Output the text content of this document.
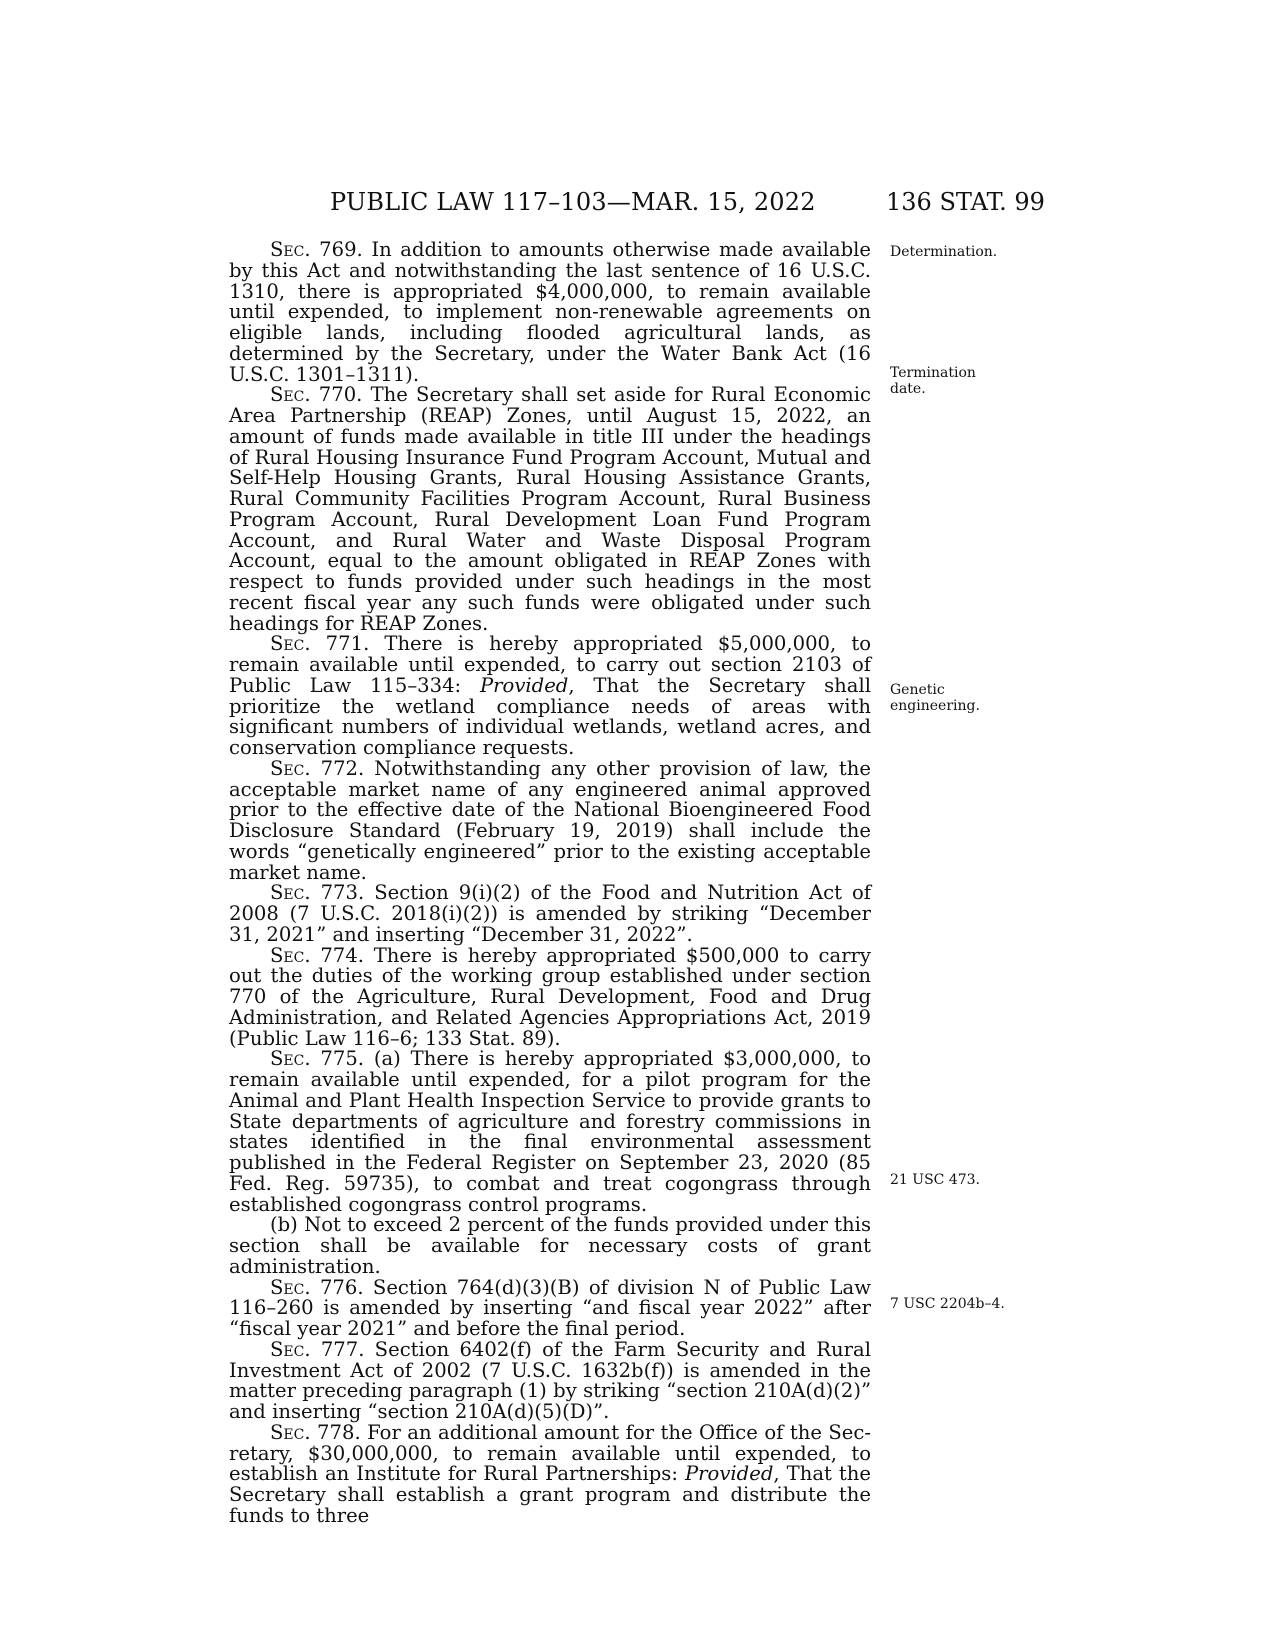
PUBLIC LAW 117–103—MAR. 15, 2022	136 STAT. 99

Sec. 769. In addition to amounts otherwise made available by this Act and notwithstanding the last sentence of 16 U.S.C. 1310, there is appropriated $4,000,000, to remain available until expended, to implement non-renewable agreements on eligible lands, including flooded agricultural lands, as determined by the Secretary, under the Water Bank Act (16 U.S.C. 1301–1311).

Sec. 770. The Secretary shall set aside for Rural Economic Area Partnership (REAP) Zones, until August 15, 2022, an amount of funds made available in title III under the headings of Rural Housing Insurance Fund Program Account, Mutual and Self-Help Housing Grants, Rural Housing Assistance Grants, Rural Community Facilities Program Account, Rural Business Program Account, Rural Development Loan Fund Program Account, and Rural Water and Waste Disposal Program Account, equal to the amount obligated in REAP Zones with respect to funds provided under such headings in the most recent fiscal year any such funds were obligated under such headings for REAP Zones.

Sec. 771. There is hereby appropriated $5,000,000, to remain available until expended, to carry out section 2103 of Public Law 115–334: Provided, That the Secretary shall prioritize the wetland compliance needs of areas with significant numbers of individual wetlands, wetland acres, and conservation compliance requests.

Sec. 772. Notwithstanding any other provision of law, the acceptable market name of any engineered animal approved prior to the effective date of the National Bioengineered Food Disclosure Standard (February 19, 2019) shall include the words “genetically engineered” prior to the existing acceptable market name.

Sec. 773. Section 9(i)(2) of the Food and Nutrition Act of 2008 (7 U.S.C. 2018(i)(2)) is amended by striking “December 31, 2021” and inserting “December 31, 2022”.

Sec. 774. There is hereby appropriated $500,000 to carry out the duties of the working group established under section 770 of the Agriculture, Rural Development, Food and Drug Administration, and Related Agencies Appropriations Act, 2019 (Public Law 116–6; 133 Stat. 89).

Sec. 775. (a) There is hereby appropriated $3,000,000, to remain available until expended, for a pilot program for the Animal and Plant Health Inspection Service to provide grants to State departments of agriculture and forestry commissions in states identified in the final environmental assessment published in the Federal Register on September 23, 2020 (85 Fed. Reg. 59735), to combat and treat cogongrass through established cogongrass control programs.

(b) Not to exceed 2 percent of the funds provided under this section shall be available for necessary costs of grant administration.

Sec. 776. Section 764(d)(3)(B) of division N of Public Law 116–260 is amended by inserting “and fiscal year 2022” after “fiscal year 2021” and before the final period.

Sec. 777. Section 6402(f) of the Farm Security and Rural Investment Act of 2002 (7 U.S.C. 1632b(f)) is amended in the matter preceding paragraph (1) by striking “section 210A(d)(2)” and inserting “section 210A(d)(5)(D)”.

Sec. 778. For an additional amount for the Office of the Secretary, $30,000,000, to remain available until expended, to establish an Institute for Rural Partnerships: Provided, That the Secretary shall establish a grant program and distribute the funds to three

Determination.
Termination
date.
Genetic
engineering.
21 USC 473.
7 USC 2204b–4.
